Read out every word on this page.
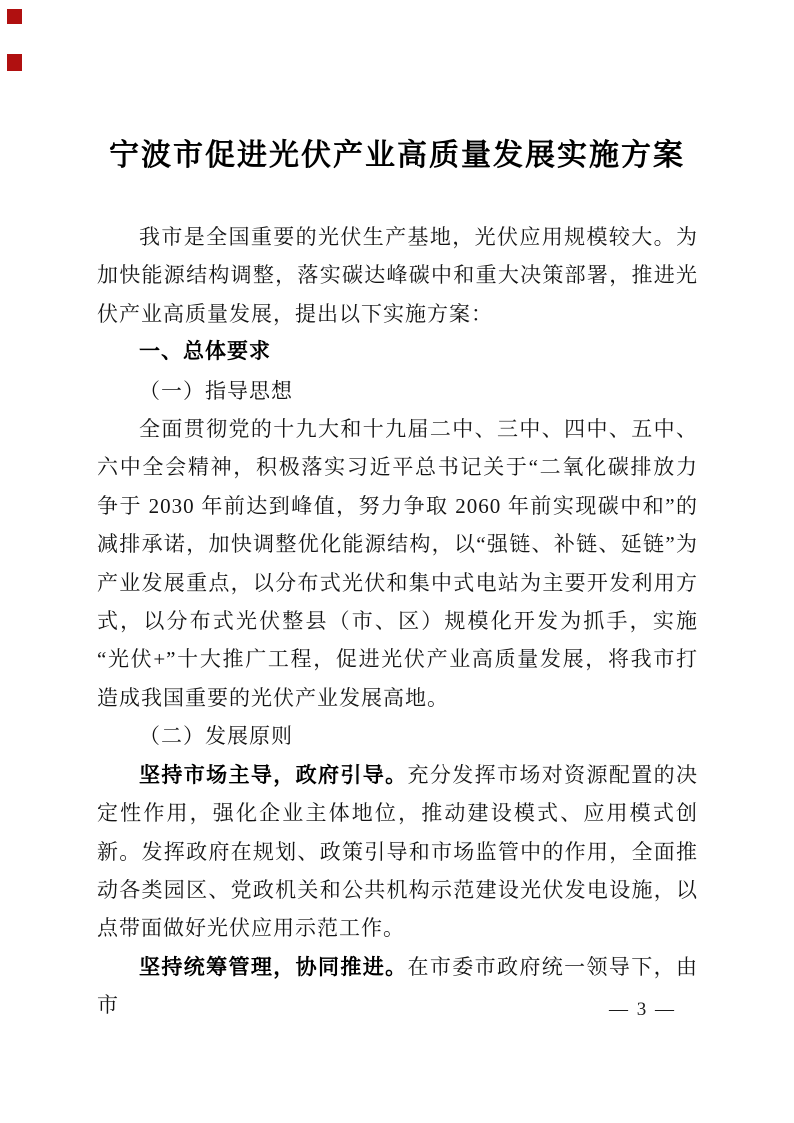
宁波市促进光伏产业高质量发展实施方案

我市是全国重要的光伏生产基地，光伏应用规模较大。为加快能源结构调整，落实碳达峰碳中和重大决策部署，推进光伏产业高质量发展，提出以下实施方案：

一、总体要求
（一）指导思想

全面贯彻党的十九大和十九届二中、三中、四中、五中、六中全会精神，积极落实习近平总书记关于“二氧化碳排放力争于 2030 年前达到峰值，努力争取 2060 年前实现碳中和”的减排承诺，加快调整优化能源结构，以“强链、补链、延链”为产业发展重点，以分布式光伏和集中式电站为主要开发利用方式，以分布式光伏整县（市、区）规模化开发为抓手，实施“光伏+”十大推广工程，促进光伏产业高质量发展，将我市打造成我国重要的光伏产业发展高地。

（二）发展原则

坚持市场主导，政府引导。充分发挥市场对资源配置的决定性作用，强化企业主体地位，推动建设模式、应用模式创新。发挥政府在规划、政策引导和市场监管中的作用，全面推动各类园区、党政机关和公共机构示范建设光伏发电设施，以点带面做好光伏应用示范工作。

坚持统筹管理，协同推进。在市委市政府统一领导下，由市	— 3 —
